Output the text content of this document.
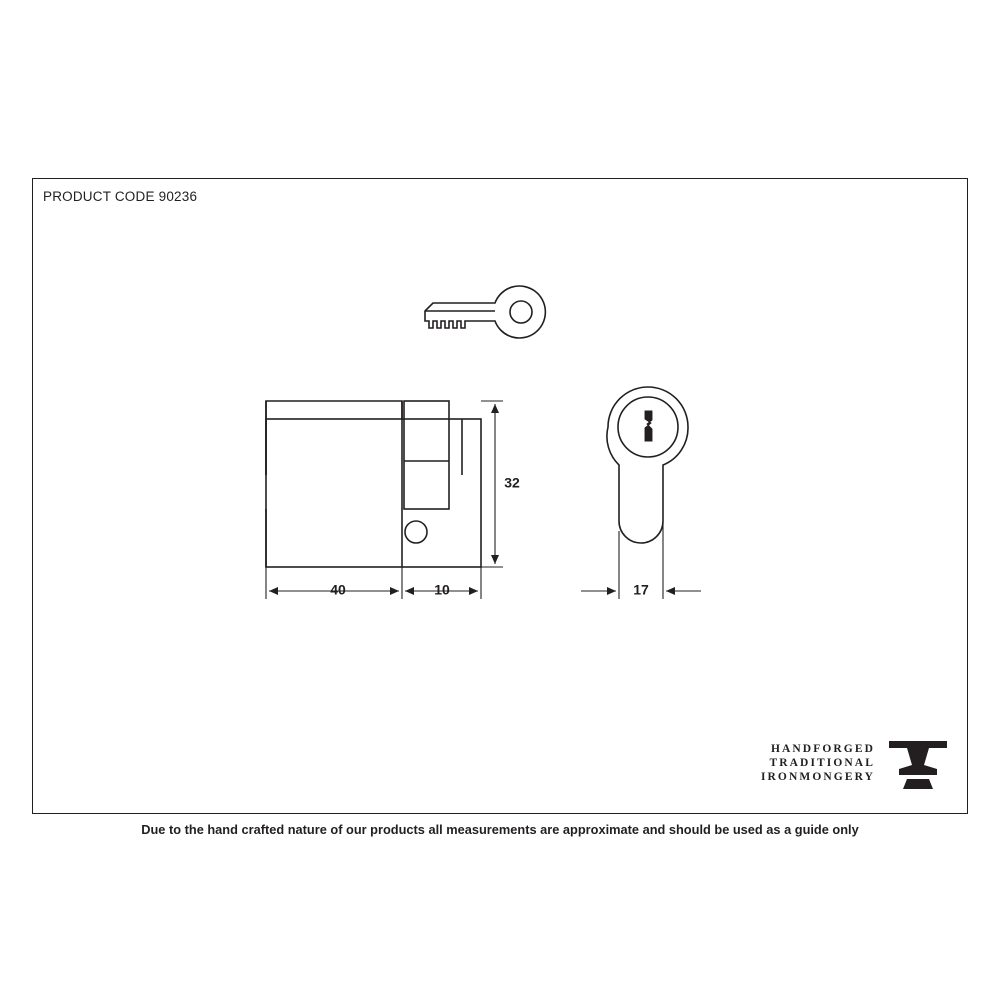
PRODUCT CODE 90236
40	10
32
17
HANDFORGED
TRADITIONAL
IRONMONGERY
Due to the hand crafted nature of our products all measurements are approximate and should be used as a guide only
